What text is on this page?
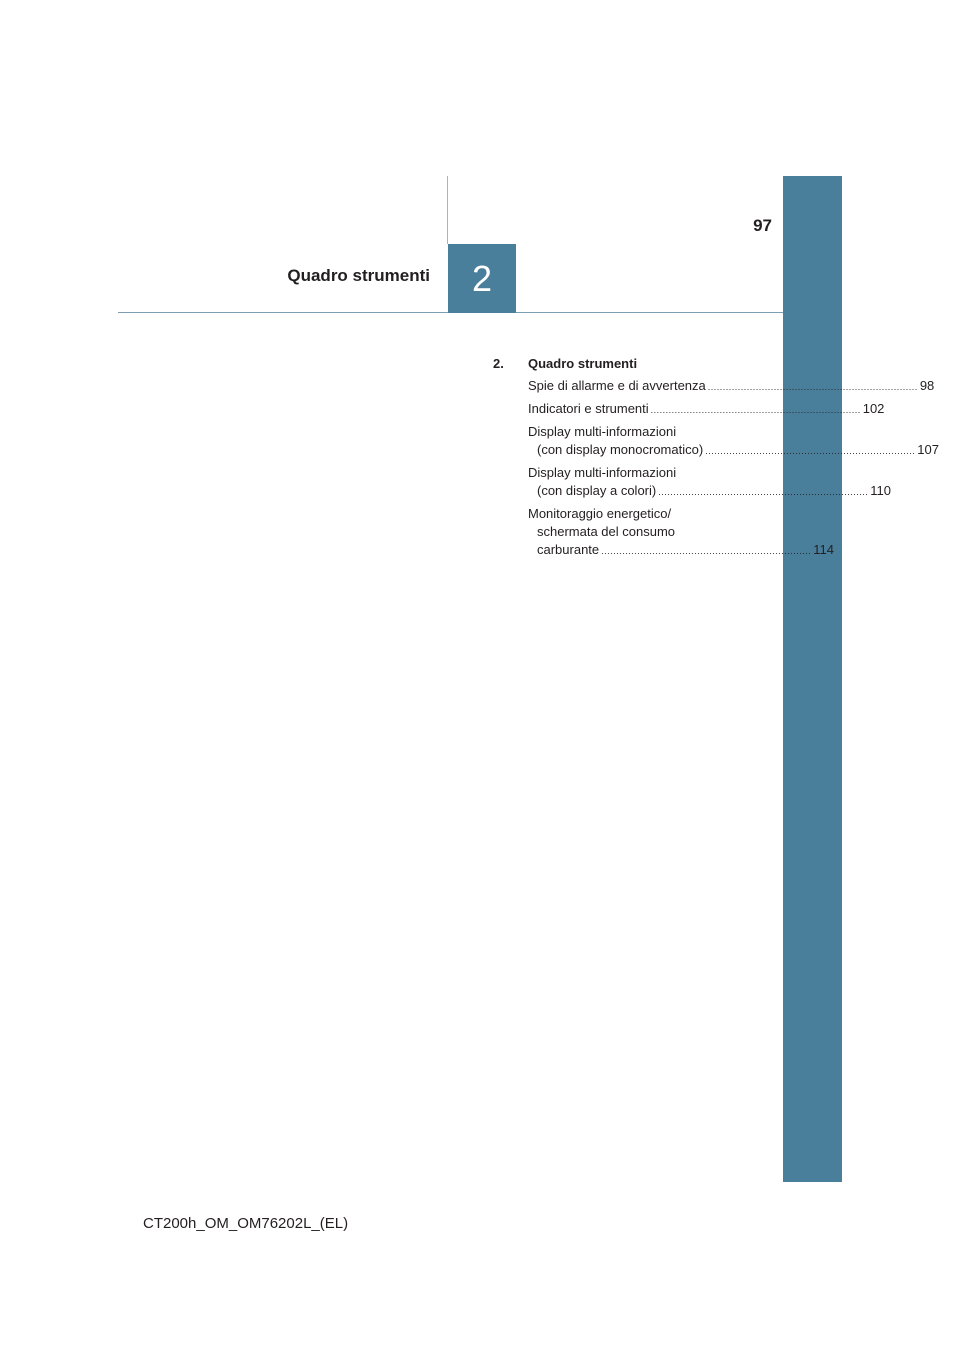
97
Quadro strumenti 2
2.	Quadro strumenti
Spie di allarme e di avvertenza ...................................................................... 98
Indicatori e strumenti ...................................................................... 102
Display multi-informazioni
(con display monocromatico) ...................................................................... 107
Display multi-informazioni
(con display a colori) ...................................................................... 110
Monitoraggio energetico/
schermata del consumo
carburante ...................................................................... 114
CT200h_OM_OM76202L_(EL)
